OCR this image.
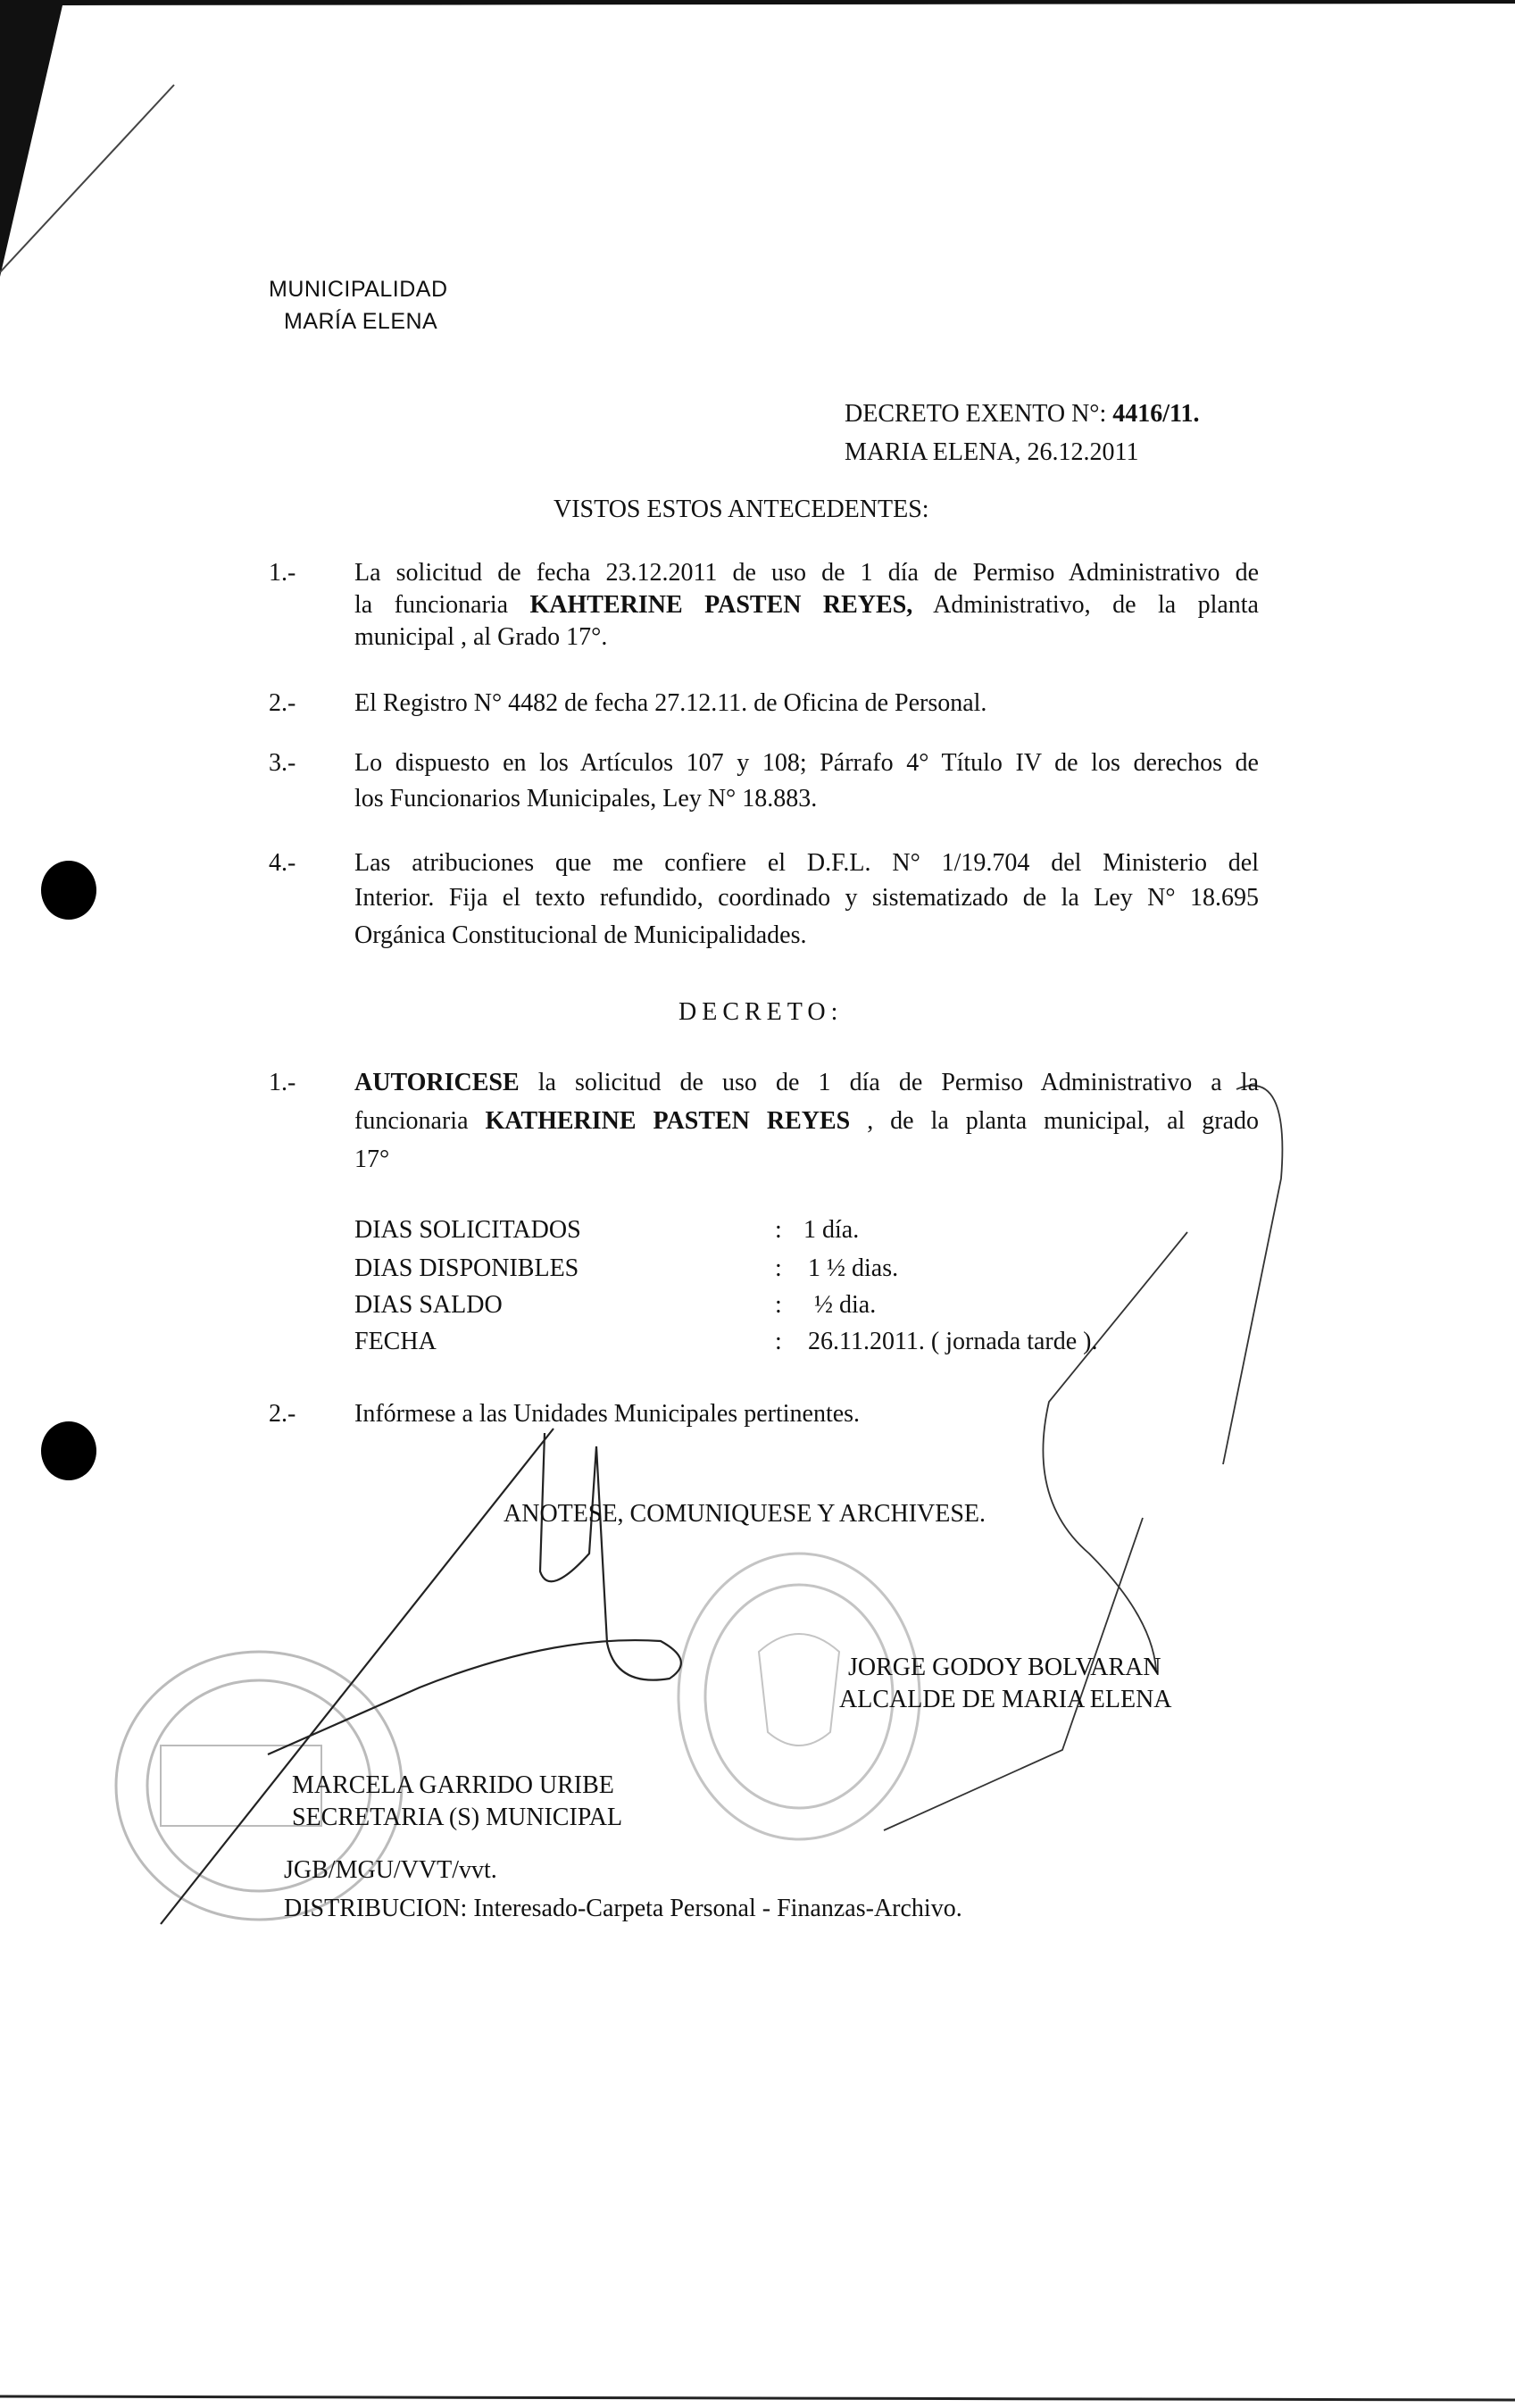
MUNICIPALIDAD
MARÍA ELENA
DECRETO EXENTO N°: 4416/11.
MARIA ELENA, 26.12.2011
VISTOS ESTOS ANTECEDENTES:
1.- La solicitud de fecha 23.12.2011 de uso de 1 día de Permiso Administrativo de
la funcionaria KAHTERINE PASTEN REYES, Administrativo, de la planta
municipal , al Grado 17°.
2.- El Registro N° 4482 de fecha 27.12.11. de Oficina de Personal.
3.- Lo dispuesto en los Artículos 107 y 108; Párrafo 4° Título IV de los derechos de
los Funcionarios Municipales, Ley N° 18.883.
4.- Las atribuciones que me confiere el D.F.L. N° 1/19.704 del Ministerio del
Interior. Fija el texto refundido, coordinado y sistematizado de la Ley N° 18.695
Orgánica Constitucional de Municipalidades.
DECRETO:
1.- AUTORICESE la solicitud de uso de 1 día de Permiso Administrativo a la
funcionaria KATHERINE PASTEN REYES , de la planta municipal, al grado
17°
DIAS SOLICITADOS	: 1 día.
DIAS DISPONIBLES	: 1 ½ dias.
DIAS SALDO	: ½ dia.
FECHA	: 26.11.2011. ( jornada tarde ).
2.- Infórmese a las Unidades Municipales pertinentes.
ANOTESE, COMUNIQUESE Y ARCHIVESE.
JORGE GODOY BOLVARAN
ALCALDE DE MARIA ELENA
MARCELA GARRIDO URIBE
SECRETARIA (S) MUNICIPAL
JGB/MGU/VVT/vvt.
DISTRIBUCION: Interesado-Carpeta Personal - Finanzas-Archivo.
